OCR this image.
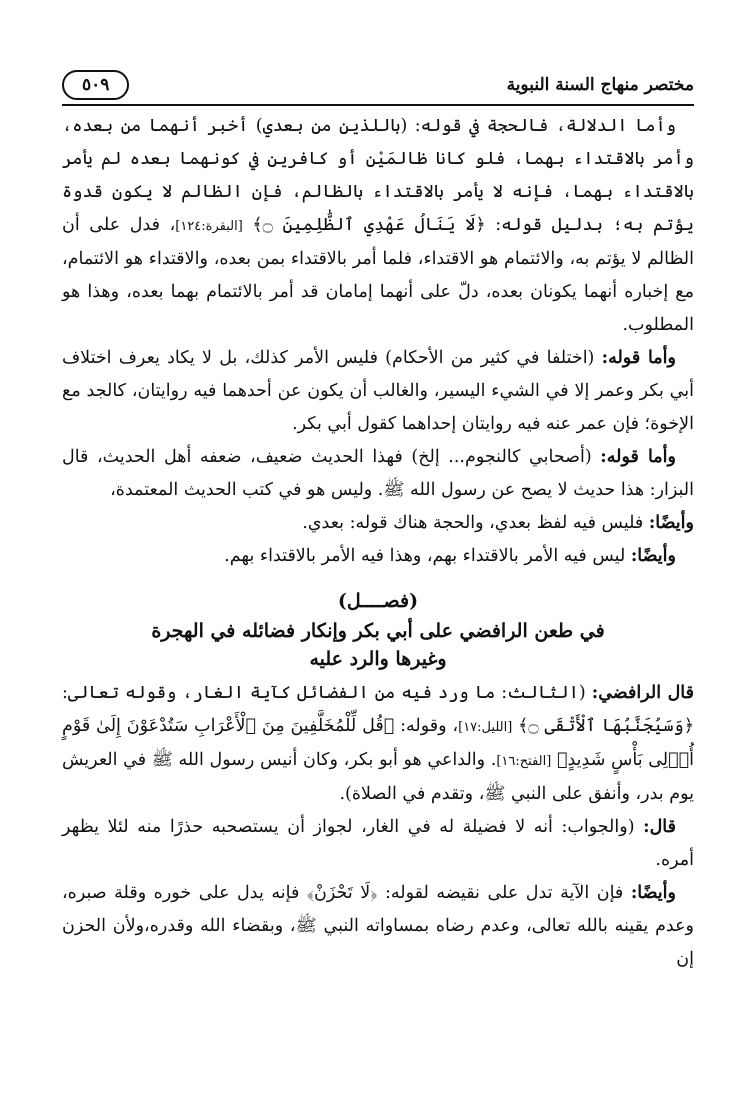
مختصر منهاج السنة النبوية
٥٠٩

وأما الدلالة، فالحجة في قوله: (باللذين من بعدي) أخبر أنهما من بعده، وأمر بالاقتداء بهما، فلو كانا ظالمَيْن أو كافرين في كونهما بعده لم يأمر بالاقتداء بهما، فإنه لا يأمر بالاقتداء بالظالم، فإن الظالم لا يكون قدوة يؤتم به؛ بدليل قوله: ﴿لَا يَنَالُ عَهْدِي ٱلظَّٰلِمِينَ ۝﴾ [البقرة:١٢٤]، فدل على أن الظالم لا يؤتم به، والائتمام هو الاقتداء، فلما أمر بالاقتداء بمن بعده، والاقتداء هو الائتمام، مع إخباره أنهما يكونان بعده، دلّ على أنهما إمامان قد أمر بالائتمام بهما بعده، وهذا هو المطلوب.

وأما قوله: (اختلفا في كثير من الأحكام) فليس الأمر كذلك، بل لا يكاد يعرف اختلاف أبي بكر وعمر إلا في الشيء اليسير، والغالب أن يكون عن أحدهما فيه روايتان، كالجد مع الإخوة؛ فإن عمر عنه فيه روايتان إحداهما كقول أبي بكر.

وأما قوله: (أصحابي كالنجوم... إلخ) فهذا الحديث ضعيف، ضعفه أهل الحديث، قال البزار: هذا حديث لا يصح عن رسول الله ﷺ. وليس هو في كتب الحديث المعتمدة،

وأيضًا: فليس فيه لفظ بعدي، والحجة هناك قوله: بعدي.

وأيضًا: ليس فيه الأمر بالاقتداء بهم، وهذا فيه الأمر بالاقتداء بهم.

(فصــــل)
في طعن الرافضي على أبي بكر وإنكار فضائله في الهجرة
وغيرها والرد عليه

قال الرافضي: (الثالث: ما ورد فيه من الفضائل كآية الغار، وقوله تعالى: ﴿وَسَيُجَنَّبُهَا ٱلْأَتْقَى ۝﴾ [الليل:١٧]، وقوله: ﴿قُل لِّلْمُخَلَّفِينَ مِنَ ٱلْأَعْرَابِ سَتُدْعَوْنَ إِلَىٰ قَوْمٍ أُو۟لِى بَأْسٍ شَدِيدٍ﴾ [الفتح:١٦]. والداعي هو أبو بكر، وكان أنيس رسول الله ﷺ في العريش يوم بدر، وأنفق على النبي ﷺ، وتقدم في الصلاة).

قال: (والجواب: أنه لا فضيلة له في الغار، لجواز أن يستصحبه حذرًا منه لئلا يظهر أمره.

وأيضًا: فإن الآية تدل على نقيضه لقوله: ﴿لَا تَحْزَنْ﴾ فإنه يدل على خوره وقلة صبره، وعدم يقينه بالله تعالى، وعدم رضاه بمساواته النبي ﷺ، وبقضاء الله وقدره،ولأن الحزن إن
